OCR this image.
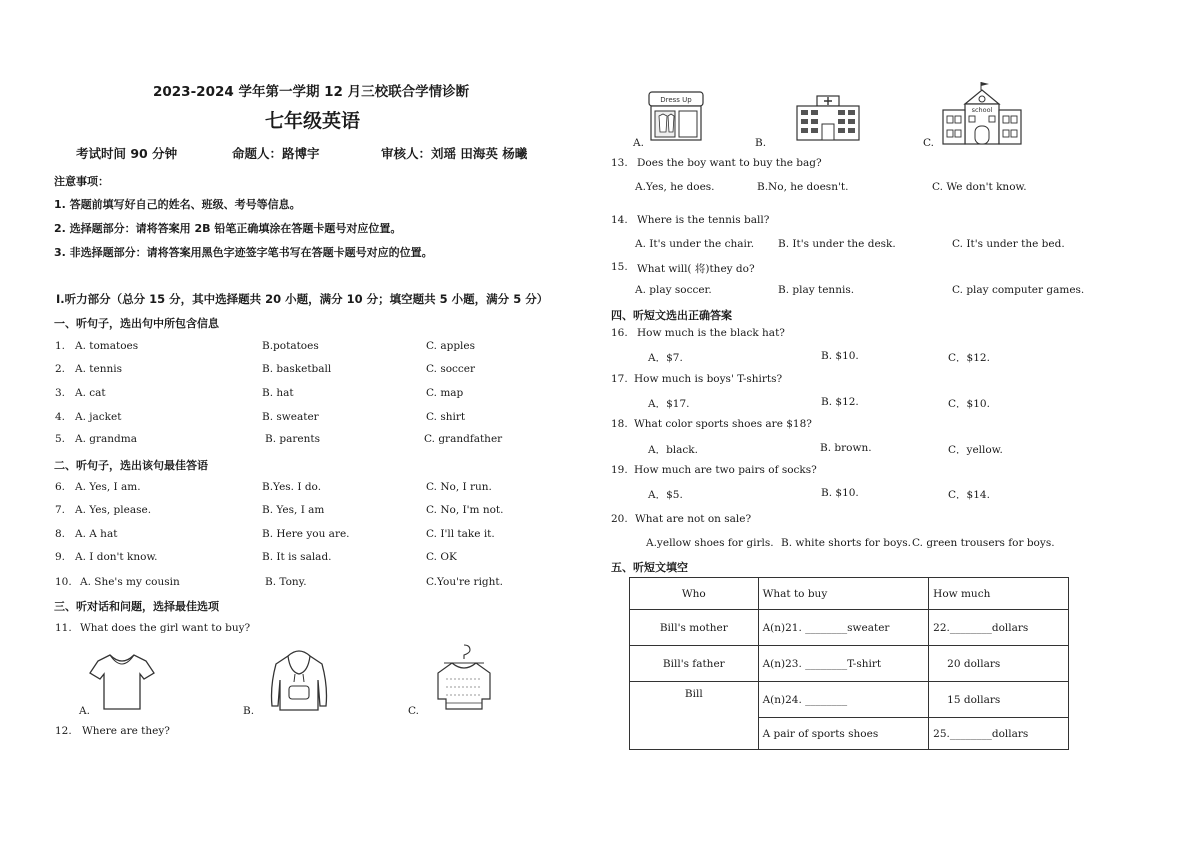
2023-2024 学年第一学期 12 月三校联合学情诊断
七年级英语
考试时间 90 分钟	命题人：路博宇	审核人：刘瑶 田海英 杨曦
注意事项：
1. 答题前填写好自己的姓名、班级、考号等信息。
2. 选择题部分：请将答案用 2B 铅笔正确填涂在答题卡题号对应位置。
3. 非选择题部分：请将答案用黑色字迹签字笔书写在答题卡题号对应的位置。
Ⅰ.听力部分（总分 15 分，其中选择题共 20 小题，满分 10 分；填空题共 5 小题，满分 5 分）
一、听句子，选出句中所包含信息
1. A. tomatoes	B.potatoes	C. apples
2. A. tennis	B. basketball	C. soccer
3. A. cat	B. hat	C. map
4. A. jacket	B. sweater	C. shirt
5. A. grandma	B. parents	C. grandfather
二、听句子，选出该句最佳答语
6. A. Yes, I am.	B.Yes. I do.	C. No, I run.
7. A. Yes, please.	B. Yes, I am	C. No, I'm not.
8. A. A hat	B. Here you are.	C. I'll take it.
9. A. I don't know.	B. It is salad.	C. OK
10. A. She's my cousin	B. Tony.	C.You're right.
三、听对话和问题，选择最佳选项
11. What does the girl want to buy?
A.	B.	C.
12. Where are they?
Dress Up
A.	B.
school
C.
13. Does the boy want to buy the bag?
A.Yes, he does.	B.No, he doesn't.	C. We don't know.
14. Where is the tennis ball?
A. It's under the chair. B. It's under the desk.	C. It's under the bed.
15. What will( 将)they do?
A. play soccer.	B. play tennis.	C. play computer games.
四、听短文选出正确答案
16. How much is the black hat?
A．$7.	B. $10.	C．$12.
17. How much is boys' T-shirts?
A．$17.	B. $12.	C．$10.
18. What color sports shoes are $18?
A．black.	B. brown.	C．yellow.
19. How much are two pairs of socks?
A．$5.	B. $10.	C．$14.
20. What are not on sale?
A.yellow shoes for girls. B. white shorts for boys. C. green trousers for boys.
五、听短文填空
Who	What to buy	How much
Bill's mother	A(n)21. ________sweater	22.________dollars
Bill's father	A(n)23. ________T-shirt	20 dollars
Bill	A(n)24. ________	15 dollars
	A pair of sports shoes	25.________dollars
